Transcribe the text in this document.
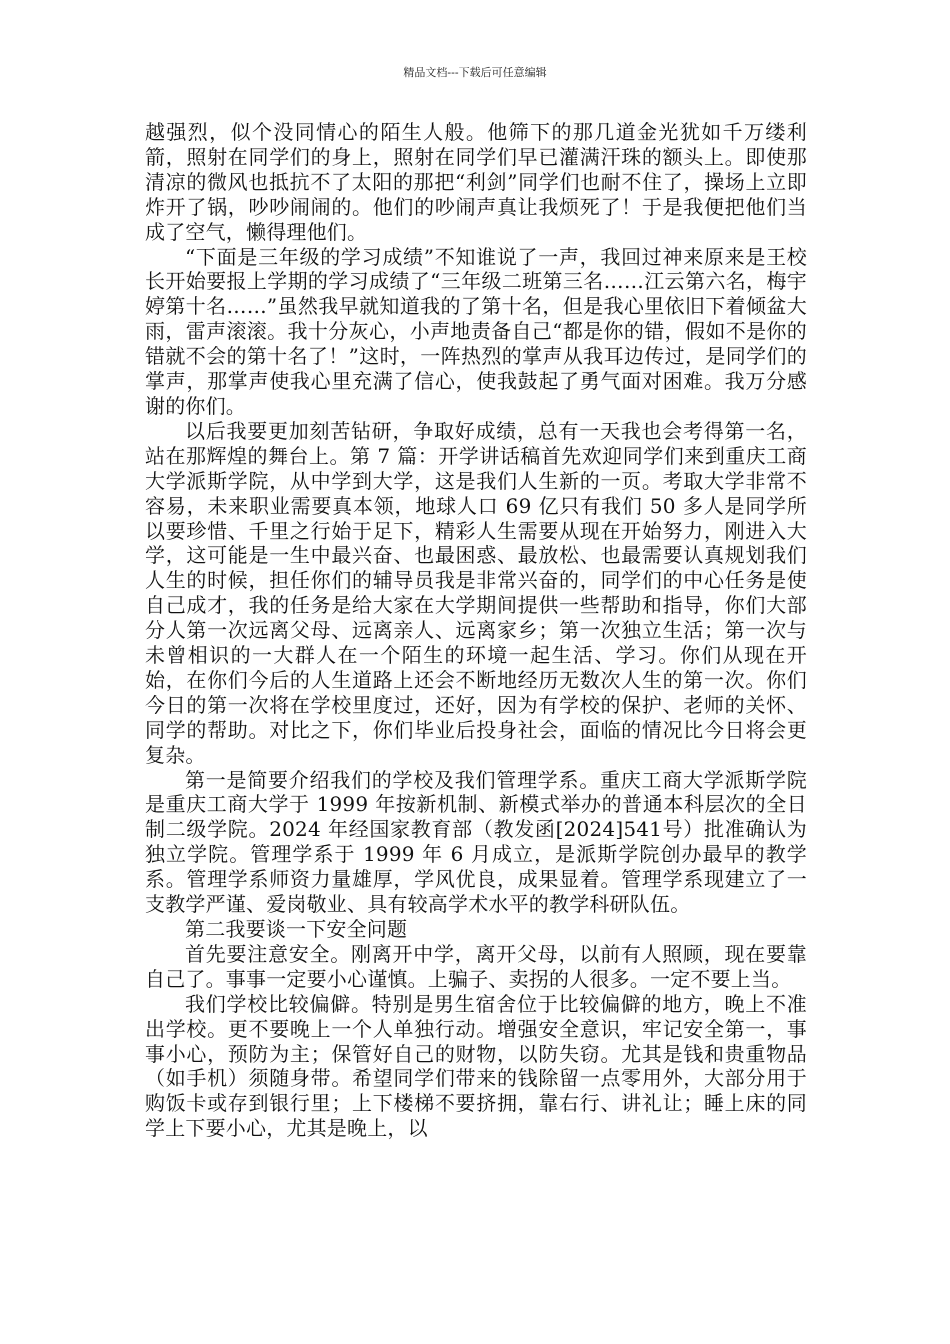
精品文档---下载后可任意编辑

越强烈，似个没同情心的陌生人般。他筛下的那几道金光犹如千万缕利箭，照射在同学们的身上，照射在同学们早已灌满汗珠的额头上。即使那清凉的微风也抵抗不了太阳的那把“利剑”同学们也耐不住了，操场上立即炸开了锅，吵吵闹闹的。他们的吵闹声真让我烦死了！于是我便把他们当成了空气，懒得理他们。

“下面是三年级的学习成绩”不知谁说了一声，我回过神来原来是王校长开始要报上学期的学习成绩了“三年级二班第三名……江云第六名，梅宇婷第十名……”虽然我早就知道我的了第十名，但是我心里依旧下着倾盆大雨，雷声滚滚。我十分灰心，小声地责备自己“都是你的错，假如不是你的错就不会的第十名了！”这时，一阵热烈的掌声从我耳边传过，是同学们的掌声，那掌声使我心里充满了信心，使我鼓起了勇气面对困难。我万分感谢的你们。

以后我要更加刻苦钻研，争取好成绩，总有一天我也会考得第一名，站在那辉煌的舞台上。第 7 篇：开学讲话稿首先欢迎同学们来到重庆工商大学派斯学院，从中学到大学，这是我们人生新的一页。考取大学非常不容易，未来职业需要真本领，地球人口 69 亿只有我们 50 多人是同学所以要珍惜、千里之行始于足下，精彩人生需要从现在开始努力，刚进入大学，这可能是一生中最兴奋、也最困惑、最放松、也最需要认真规划我们人生的时候，担任你们的辅导员我是非常兴奋的，同学们的中心任务是使自己成才，我的任务是给大家在大学期间提供一些帮助和指导，你们大部分人第一次远离父母、远离亲人、远离家乡；第一次独立生活；第一次与未曾相识的一大群人在一个陌生的环境一起生活、学习。你们从现在开始，在你们今后的人生道路上还会不断地经历无数次人生的第一次。你们今日的第一次将在学校里度过，还好，因为有学校的保护、老师的关怀、同学的帮助。对比之下，你们毕业后投身社会，面临的情况比今日将会更复杂。

第一是简要介绍我们的学校及我们管理学系。重庆工商大学派斯学院是重庆工商大学于 1999 年按新机制、新模式举办的普通本科层次的全日制二级学院。2024 年经国家教育部（教发函[2024]541号）批准确认为独立学院。管理学系于 1999 年 6 月成立，是派斯学院创办最早的教学系。管理学系师资力量雄厚，学风优良，成果显着。管理学系现建立了一支教学严谨、爱岗敬业、具有较高学术水平的教学科研队伍。

第二我要谈一下安全问题

首先要注意安全。刚离开中学，离开父母，以前有人照顾，现在要靠自己了。事事一定要小心谨慎。上骗子、卖拐的人很多。一定不要上当。

我们学校比较偏僻。特别是男生宿舍位于比较偏僻的地方，晚上不准出学校。更不要晚上一个人单独行动。增强安全意识，牢记安全第一，事事小心，预防为主；保管好自己的财物，以防失窃。尤其是钱和贵重物品（如手机）须随身带。希望同学们带来的钱除留一点零用外，大部分用于购饭卡或存到银行里；上下楼梯不要挤拥，靠右行、讲礼让；睡上床的同学上下要小心，尤其是晚上，以
